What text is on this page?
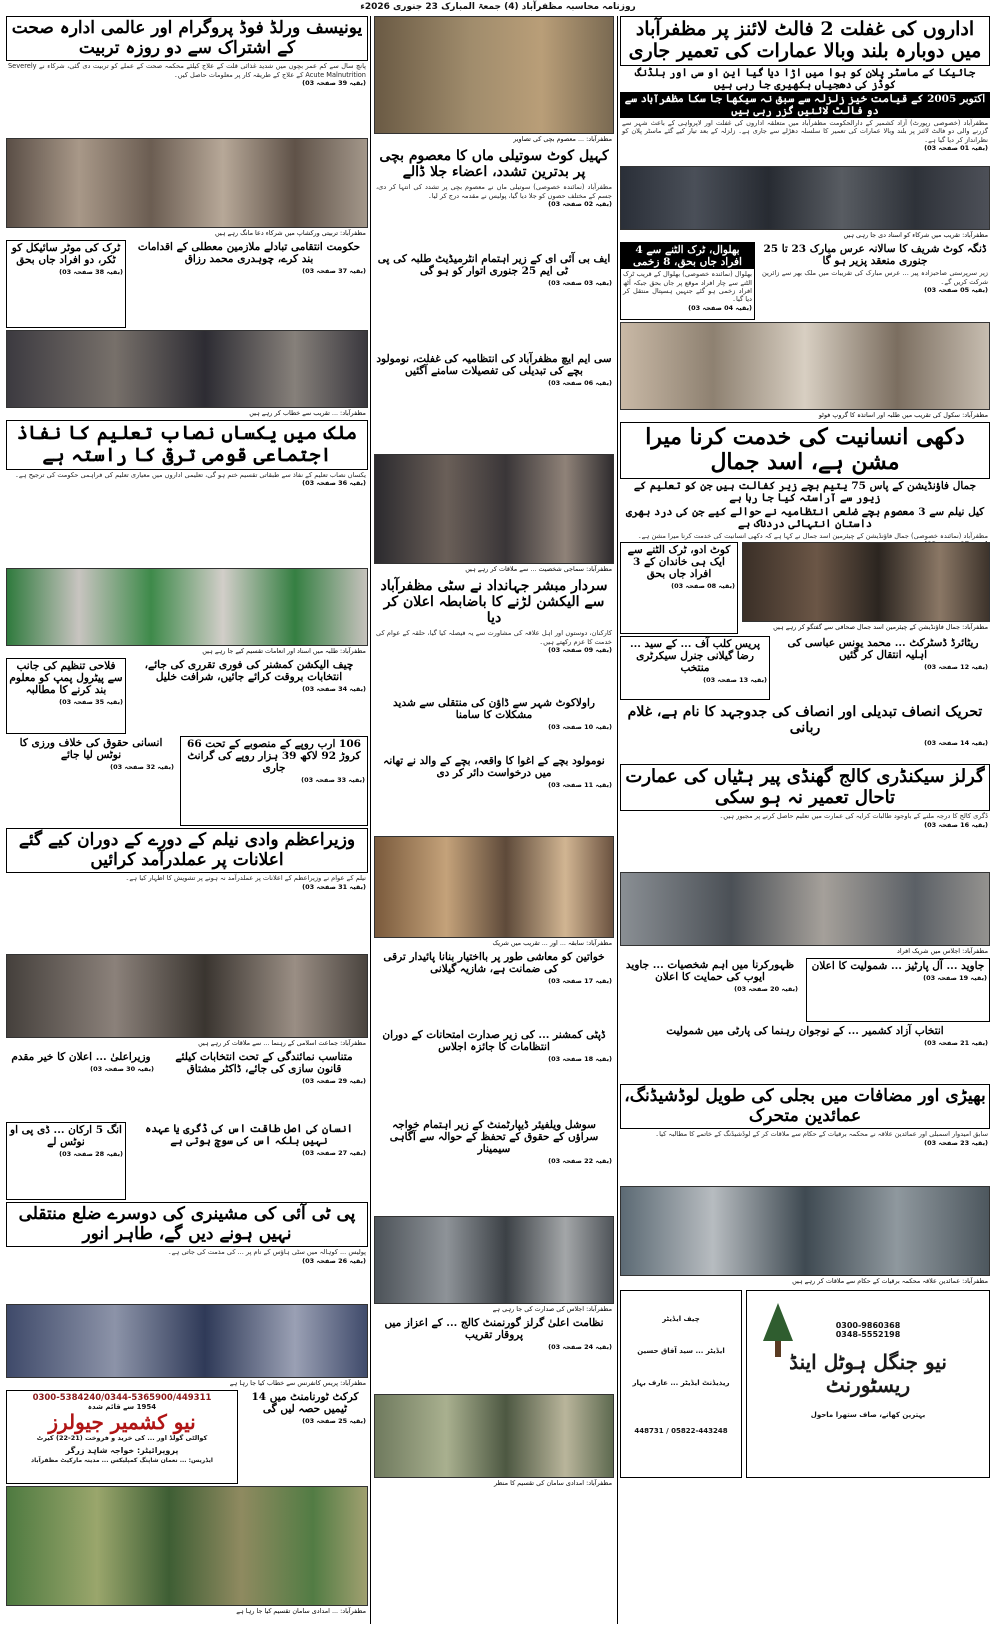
روزنامہ محاسبہ مظفرآباد (4) جمعۃ المبارک 23 جنوری 2026ء
اداروں کی غفلت 2 فالٹ لائنز پر مظفرآباد میں دوبارہ بلند وبالا عمارات کی تعمیر جاری
جائیکا کے ماسٹر پلان کو ہوا میں اڑا دیا گیا این او سی اور بلڈنگ کوڈز کی دھجیاں بکھیری جا رہی ہیں
اکتوبر 2005 کے قیامت خیز زلزلہ سے سبق نہ سیکھا جا سکا مظفرآباد سے دو فالٹ لائنیں گزر رہی ہیں
مظفرآباد (خصوصی رپورٹ) آزاد کشمیر کے دارالحکومت مظفرآباد میں متعلقہ اداروں کی غفلت اور لاپرواہی کے باعث شہر سے گزرنے والی دو فالٹ لائنز پر بلند وبالا عمارات کی تعمیر کا سلسلہ دھڑلے سے جاری ہے۔ زلزلہ کے بعد تیار کیے گئے ماسٹر پلان کو نظرانداز کر دیا گیا ہے۔
(بقیہ 01 صفحہ 03)
مظفرآباد: تقریب میں شرکاء کو اسناد دی جا رہی ہیں
بھلوال، ٹرک الٹنے سے 4 افراد جاں بحق، 8 زخمی
بھلوال (نمائندہ خصوصی) بھلوال کے قریب ٹرک الٹنے سے چار افراد موقع پر جاں بحق جبکہ آٹھ افراد زخمی ہو گئے جنہیں ہسپتال منتقل کر دیا گیا۔
(بقیہ 04 صفحہ 03)
ڈنگہ کوٹ شریف کا سالانہ عرس مبارک 23 تا 25 جنوری منعقد پزیر ہو گا
زیر سرپرستی صاحبزادہ پیر ... عرس مبارک کی تقریبات میں ملک بھر سے زائرین شرکت کریں گے۔
(بقیہ 05 صفحہ 03)
مظفرآباد: سکول کی تقریب میں طلبہ اور اساتذہ کا گروپ فوٹو
دکھی انسانیت کی خدمت کرنا میرا مشن ہے، اسد جمال
جمال فاؤنڈیشن کے پاس 75 یتیم بچے زیر کفالت ہیں جن کو تعلیم کے زیور سے آراستہ کیا جا رہا ہے
کیل نیلم سے 3 معصوم بچے ضلعی انتظامیہ نے حوالے کیے جن کی درد بھری داستان انتہائی دردناک ہے
مظفرآباد (نمائندہ خصوصی) جمال فاؤنڈیشن کے چیئرمین اسد جمال نے کہا ہے کہ دکھی انسانیت کی خدمت کرنا میرا مشن ہے۔
کوٹ ادو، ٹرک الٹنے سے ایک ہی خاندان کے 3 افراد جاں بحق
(بقیہ 08 صفحہ 03)
مظفرآباد: جمال فاؤنڈیشن کے چیئرمین اسد جمال صحافی سے گفتگو کر رہے ہیں
پریس کلب آف ... کے سید ... رضا گیلانی جنرل سیکرٹری منتخب
(بقیہ 13 صفحہ 03)
ریٹائرڈ ڈسٹرکٹ ... محمد یونس عباسی کی اہلیہ انتقال کر گئیں
(بقیہ 12 صفحہ 03)
تحریک انصاف تبدیلی اور انصاف کی جدوجہد کا نام ہے، غلام ربانی
(بقیہ 14 صفحہ 03)
گرلز سیکنڈری کالج گھنڈی پیر ہٹیاں کی عمارت تاحال تعمیر نہ ہو سکی
ڈگری کالج کا درجہ ملنے کے باوجود طالبات کرایہ کی عمارت میں تعلیم حاصل کرنے پر مجبور ہیں۔
(بقیہ 16 صفحہ 03)
مظفرآباد: اجلاس میں شریک افراد
ظہورکرنا میں اہم شخصیات ... جاوید ایوب کی حمایت کا اعلان
(بقیہ 20 صفحہ 03)
جاوید ... آل پارٹیز ... شمولیت کا اعلان
(بقیہ 19 صفحہ 03)
انتخاب آزاد کشمیر ... کے نوجوان رہنما کی پارٹی میں شمولیت
(بقیہ 21 صفحہ 03)
بھیڑی اور مضافات میں بجلی کی طویل لوڈشیڈنگ، عمائدین متحرک
سابق امیدوار اسمبلی اور عمائدین علاقہ نے محکمہ برقیات کے حکام سے ملاقات کر کے لوڈشیڈنگ کے خاتمے کا مطالبہ کیا۔
(بقیہ 23 صفحہ 03)
مظفرآباد: عمائدین علاقہ محکمہ برقیات کے حکام سے ملاقات کر رہے ہیں
چیف ایڈیٹر
ایڈیٹر ... سید آفاق حسین
ریذیڈنٹ ایڈیٹر ... عارف بہار
05822-443248 / 448731
0300-9860368
0348-5552198
نیو جنگل ہوٹل اینڈ ریسٹورنٹ
بہترین کھانے، صاف ستھرا ماحول
مظفرآباد: ... معصوم بچی کی تصاویر
کہیل کوٹ سوتیلی ماں کا معصوم بچی پر بدترین تشدد، اعضاء جلا ڈالے
مظفرآباد (نمائندہ خصوصی) سوتیلی ماں نے معصوم بچی پر تشدد کی انتہا کر دی، جسم کے مختلف حصوں کو جلا دیا گیا، پولیس نے مقدمہ درج کر لیا۔
(بقیہ 02 صفحہ 03)
ایف بی آئی ای کے زیر اہتمام انٹرمیڈیٹ طلبہ کی پی ٹی ایم 25 جنوری اتوار کو ہو گی
(بقیہ 03 صفحہ 03)
سی ایم ایچ مظفرآباد کی انتظامیہ کی غفلت، نومولود بچے کی تبدیلی کی تفصیلات سامنے آگئیں
(بقیہ 06 صفحہ 03)
مظفرآباد: سماجی شخصیت ... سے ملاقات کر رہے ہیں
سردار مبشر جہانداد نے سٹی مظفرآباد سے الیکشن لڑنے کا باضابطہ اعلان کر دیا
کارکنان، دوستوں اور اہل علاقہ کی مشاورت سے یہ فیصلہ کیا گیا، حلقہ کے عوام کی خدمت کا عزم رکھتے ہیں۔
(بقیہ 09 صفحہ 03)
راولاکوٹ شہر سے ڈاؤن کی منتقلی سے شدید مشکلات کا سامنا
(بقیہ 10 صفحہ 03)
نومولود بچے کے اغوا کا واقعہ، بچے کے والد نے تھانہ میں درخواست دائر کر دی
(بقیہ 11 صفحہ 03)
مظفرآباد: سابقہ ... اور ... تقریب میں شریک
خواتین کو معاشی طور پر بااختیار بنانا پائیدار ترقی کی ضمانت ہے، شازیہ گیلانی
(بقیہ 17 صفحہ 03)
ڈپٹی کمشنر ... کی زیر صدارت امتحانات کے دوران انتظامات کا جائزہ اجلاس
(بقیہ 18 صفحہ 03)
سوشل ویلفیئر ڈیپارٹمنٹ کے زیر اہتمام خواجہ سراؤں کے حقوق کے تحفظ کے حوالہ سے آگاہی سیمینار
(بقیہ 22 صفحہ 03)
مظفرآباد: اجلاس کی صدارت کی جا رہی ہے
نظامت اعلیٰ گرلز گورنمنٹ کالج ... کے اعزاز میں پروقار تقریب
(بقیہ 24 صفحہ 03)
مظفرآباد: امدادی سامان کی تقسیم کا منظر
یونیسف ورلڈ فوڈ پروگرام اور عالمی ادارہ صحت کے اشتراک سے دو روزہ تربیت
پانچ سال سے کم عمر بچوں میں شدید غذائی قلت کے علاج کیلئے محکمہ صحت کے عملے کو تربیت دی گئی، شرکاء نے Severely Acute Malnutrition کے علاج کے طریقہ کار پر معلومات حاصل کیں۔
(بقیہ 39 صفحہ 03)
مظفرآباد: تربیتی ورکشاپ میں شرکاء دعا مانگ رہے ہیں
ٹرک کی موٹر سائیکل کو ٹکر، دو افراد جاں بحق
(بقیہ 38 صفحہ 03)
حکومت انتقامی تبادلے ملازمین معطلی کے اقدامات بند کرے، چوہدری محمد رزاق
(بقیہ 37 صفحہ 03)
مظفرآباد: ... تقریب سے خطاب کر رہے ہیں
ملک میں یکساں نصاب تعلیم کا نفاذ اجتماعی قومی ترقی کا راستہ ہے
یکساں نصاب تعلیم کے نفاذ سے طبقاتی تقسیم ختم ہو گی، تعلیمی اداروں میں معیاری تعلیم کی فراہمی حکومت کی ترجیح ہے۔
(بقیہ 36 صفحہ 03)
مظفرآباد: طلبہ میں اسناد اور انعامات تقسیم کیے جا رہے ہیں
فلاحی تنظیم کی جانب سے پیٹرول پمپ کو معلوم بند کرنے کا مطالبہ
(بقیہ 35 صفحہ 03)
چیف الیکشن کمشنر کی فوری تقرری کی جائے، انتخابات بروقت کرائے جائیں، شرافت خلیل
(بقیہ 34 صفحہ 03)
انسانی حقوق کی خلاف ورزی کا نوٹس لیا جائے
(بقیہ 32 صفحہ 03)
106 ارب روپے کے منصوبے کے تحت 66 کروڑ 92 لاکھ 39 ہزار روپے کی گرانٹ جاری
(بقیہ 33 صفحہ 03)
وزیراعظم وادی نیلم کے دورے کے دوران کیے گئے اعلانات پر عملدرآمد کرائیں
نیلم کے عوام نے وزیراعظم کے اعلانات پر عملدرآمد نہ ہونے پر تشویش کا اظہار کیا ہے۔
(بقیہ 31 صفحہ 03)
مظفرآباد: جماعت اسلامی کے رہنما ... سے ملاقات کر رہے ہیں
وزیراعلیٰ ... اعلان کا خیر مقدم
(بقیہ 30 صفحہ 03)
متناسب نمائندگی کے تحت انتخابات کیلئے قانون سازی کی جائے، ڈاکٹر مشتاق
(بقیہ 29 صفحہ 03)
انگ 5 ارکان ... ڈی پی او نوٹس لے
(بقیہ 28 صفحہ 03)
انسان کی اصل طاقت اس کی ڈگری یا عہدہ نہیں بلکہ اس کی سوچ ہوتی ہے
(بقیہ 27 صفحہ 03)
پی ٹی آئی کی مشینری کی دوسرے ضلع منتقلی نہیں ہونے دیں گے، طاہر انور
پولیس ... کوہالہ میں سٹی ہاؤس کے نام پر ... کی مذمت کی جاتی ہے۔
(بقیہ 26 صفحہ 03)
مظفرآباد: پریس کانفرنس سے خطاب کیا جا رہا ہے
0300-5384240/0344-5365900/449311
1954 سے قائم شدہ
نیو کشمیر جیولرز
کوالٹی گولڈ اور ... کی خرید و فروخت (21-22) کیرٹ
پروپرائیٹر: خواجہ شاہد زرگر
ایڈریس: ... نعمان شاپنگ کمپلیکس ... مدینہ مارکیٹ مظفرآباد
کرکٹ ٹورنامنٹ میں 14 ٹیمیں حصہ لیں گی
(بقیہ 25 صفحہ 03)
مظفرآباد: ... امدادی سامان تقسیم کیا جا رہا ہے
